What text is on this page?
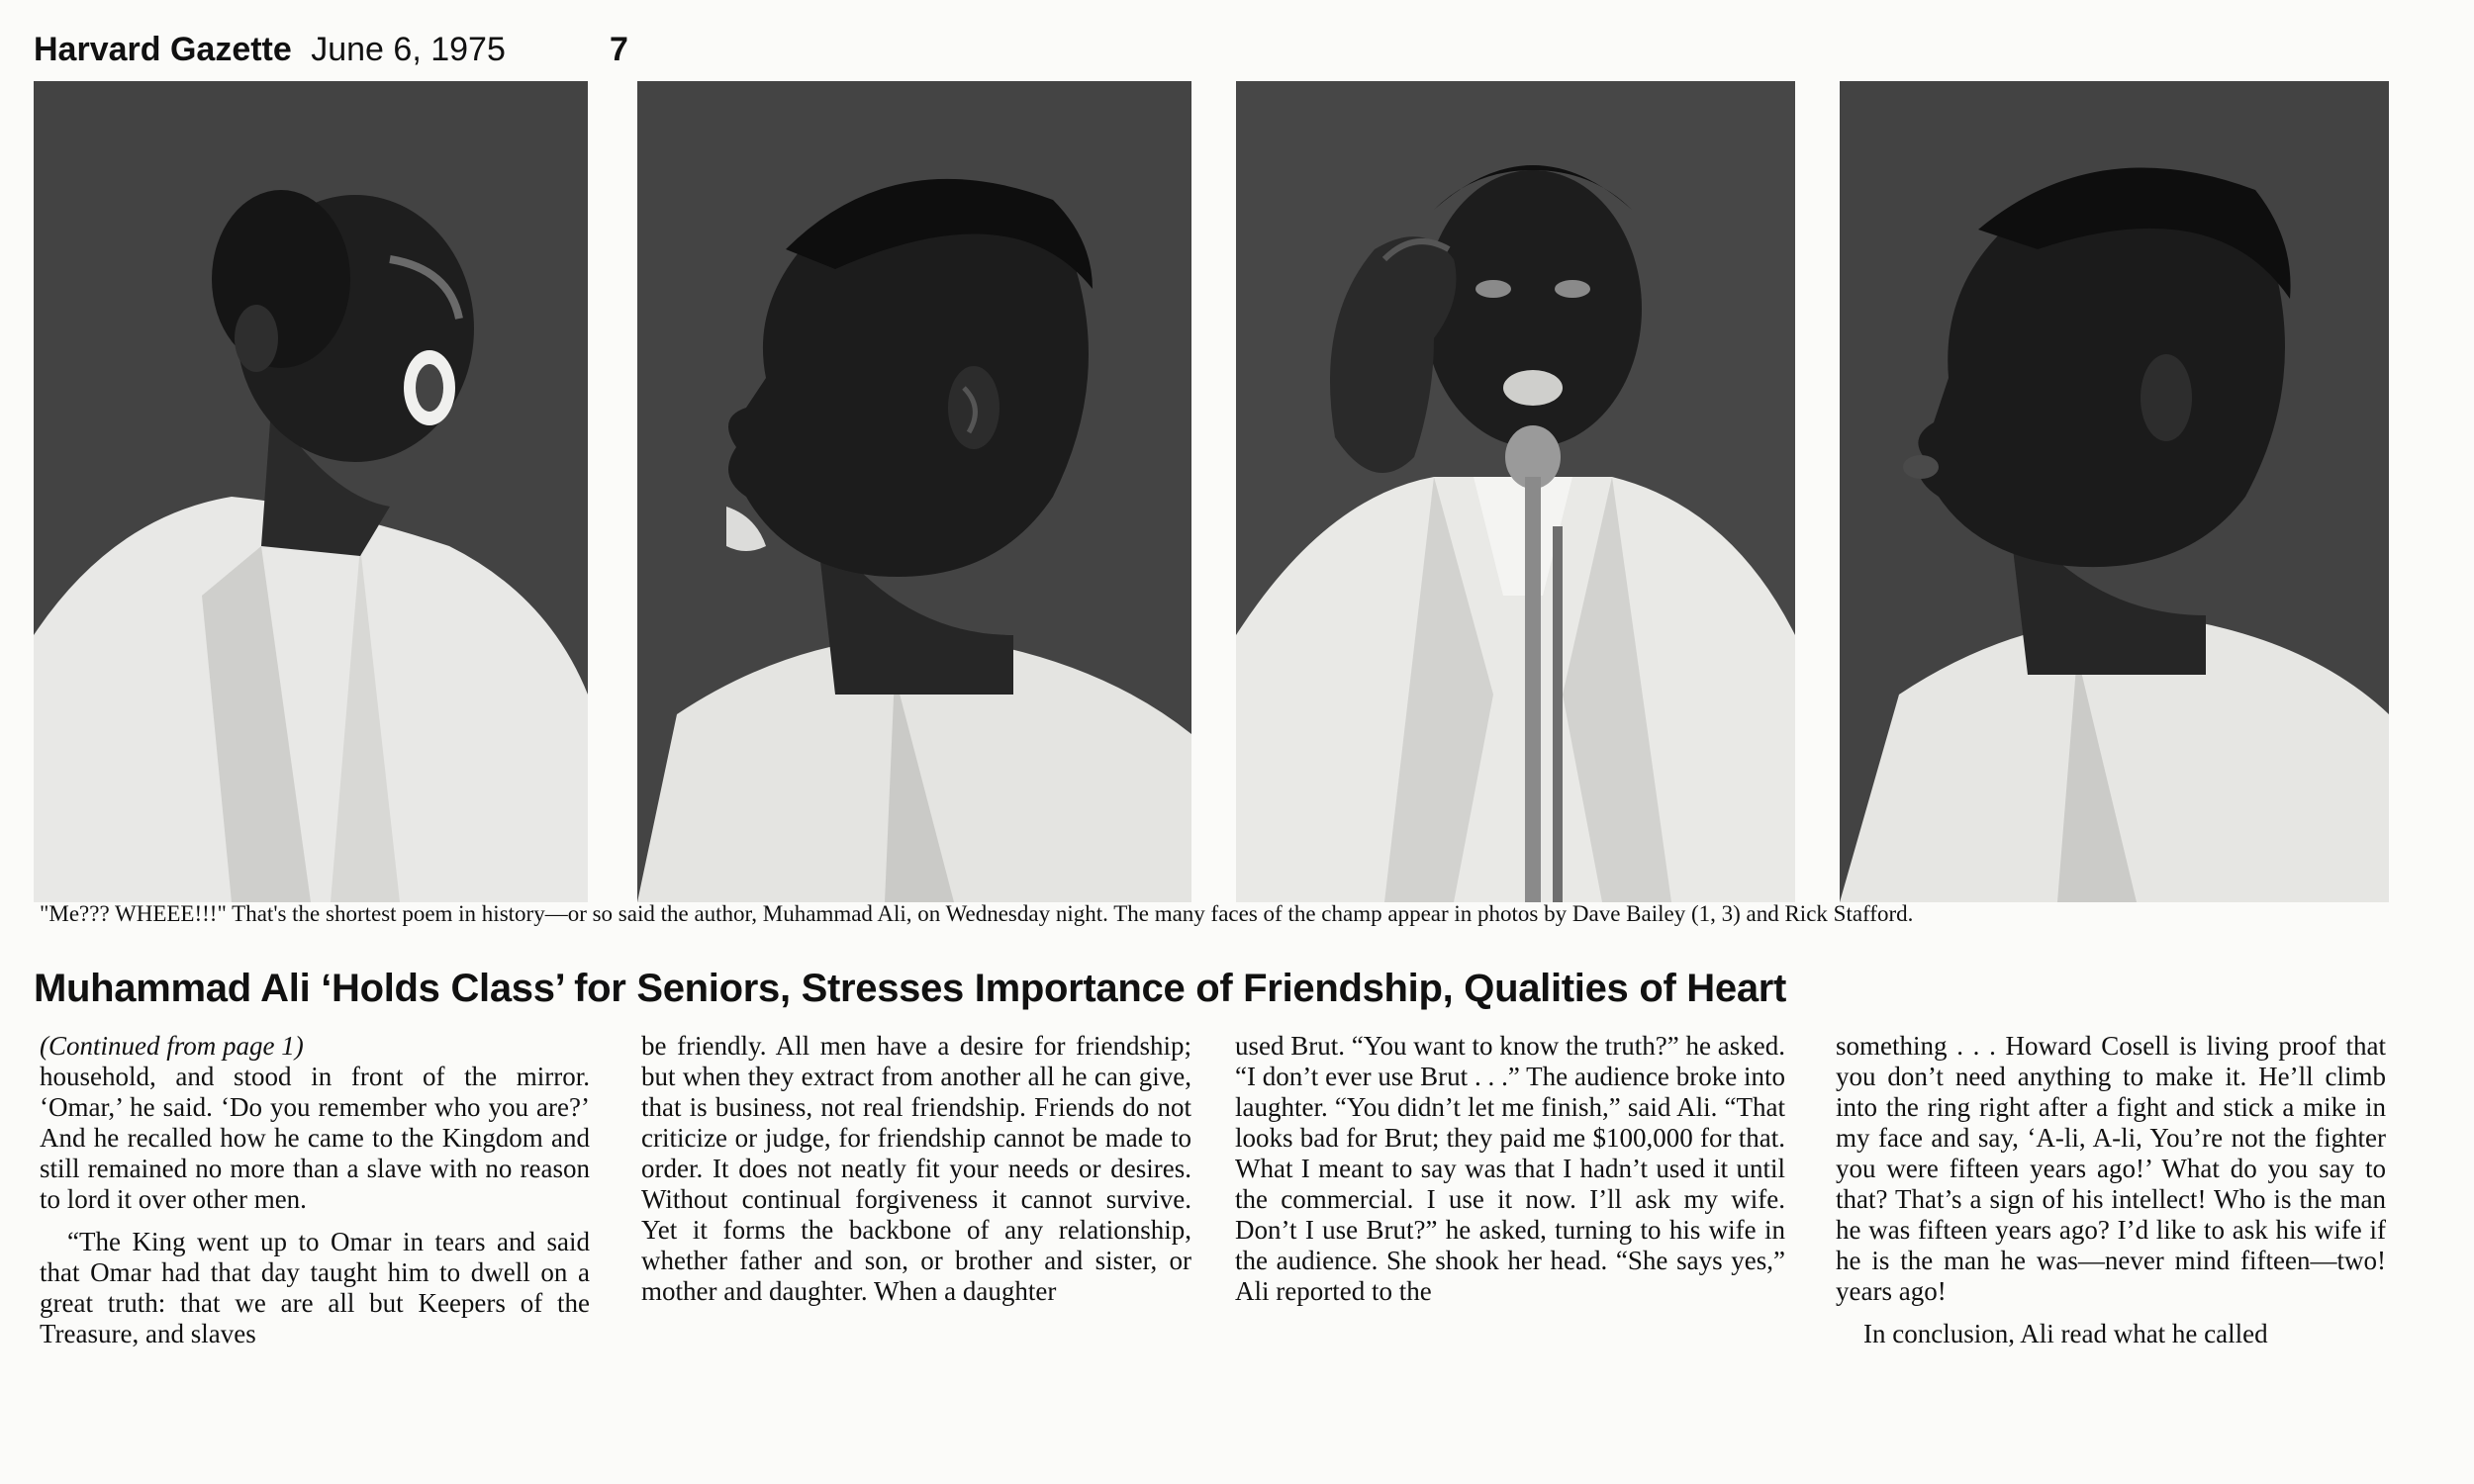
Harvard Gazette June 6, 1975	7
"Me??? WHEEE!!!" That's the shortest poem in history—or so said the author, Muhammad Ali, on Wednesday night. The many faces of the champ appear in photos by Dave Bailey (1, 3) and Rick Stafford.
Muhammad Ali ‘Holds Class’ for Seniors, Stresses Importance of Friendship, Qualities of Heart

(Continued from page 1)

household, and stood in front of the mirror. ‘Omar,’ he said. ‘Do you remember who you are?’ And he recalled how he came to the Kingdom and still remained no more than a slave with no reason to lord it over other men.

“The King went up to Omar in tears and said that Omar had that day taught him to dwell on a great truth: that we are all but Keepers of the Treasure, and slaves

be friendly. All men have a desire for friendship; but when they extract from another all he can give, that is business, not real friendship. Friends do not criticize or judge, for friendship cannot be made to order. It does not neatly fit your needs or desires. Without continual forgiveness it cannot survive. Yet it forms the backbone of any relationship, whether father and son, or brother and sister, or mother and daughter. When a daughter

used Brut. “You want to know the truth?” he asked. “I don’t ever use Brut . . .” The audience broke into laughter. “You didn’t let me finish,” said Ali. “That looks bad for Brut; they paid me $100,000 for that. What I meant to say was that I hadn’t used it until the commercial. I use it now. I’ll ask my wife. Don’t I use Brut?” he asked, turning to his wife in the audience. She shook her head. “She says yes,” Ali reported to the

something . . . Howard Cosell is living proof that you don’t need anything to make it. He’ll climb into the ring right after a fight and stick a mike in my face and say, ‘A-li, A-li, You’re not the fighter you were fifteen years ago!’ What do you say to that? That’s a sign of his intellect! Who is the man he was fifteen years ago? I’d like to ask his wife if he is the man he was—never mind fifteen—two! years ago!

In conclusion, Ali read what he called
